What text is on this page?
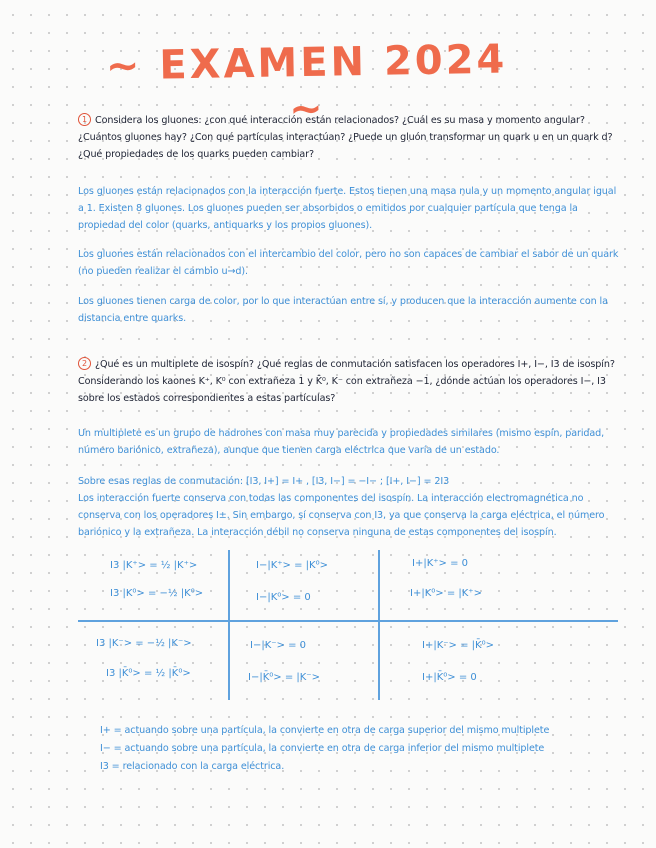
~ EXAMEN 2024 ~
1 Considera los gluones: ¿con qué interacción están relacionados? ¿Cuál es su masa y momento angular? ¿Cuántos gluones hay? ¿Con qué partículas interactúan? ¿Puede un gluón transformar un quark u en un quark d? ¿Qué propiedades de los quarks pueden cambiar?
Los gluones están relacionados con la interacción fuerte. Estos tienen una masa nula y un momento angular igual a 1. Existen 8 gluones. Los gluones pueden ser absorbidos o emitidos por cualquier partícula que tenga la propiedad del color (quarks, antiquarks y los propios gluones).
Los gluones están relacionados con el intercambio del color, pero no son capaces de cambiar el sabor de un quark (no pueden realizar el cambio u→d).
Los gluones tienen carga de color, por lo que interactúan entre sí, y producen que la interacción aumente con la distancia entre quarks.
2 ¿Qué es un multiplete de isospín? ¿Qué reglas de conmutación satisfacen los operadores I+, I−, I3 de isospín? Considerando los kaones K⁺, K⁰ con extrañeza 1 y K̄⁰, K⁻ con extrañeza −1, ¿dónde actúan los operadores I−, I3 sobre los estados correspondientes a estas partículas?
Un multiplete es un grupo de hadrones con masa muy parecida y propiedades similares (mismo espín, paridad, número bariónico, extrañeza), aunque que tienen carga eléctrica que varía de un estado.
Sobre esas reglas de conmutación: [I3, I+] = I+ , [I3, I−] = −I− ; [I+, I−] = 2I3
Los interacción fuerte conserva con todas las componentes del isospín. La interacción electromagnética no conserva con los operadores I±. Sin embargo, sí conserva con I3, ya que conserva la carga eléctrica, el número bariónico y la extrañeza. La interacción débil no conserva ninguna de estas componentes del isospín.
I3 |K⁺> = ½ |K⁺>	I−|K⁺> = |K⁰>	I+|K⁺> = 0
I3 |K⁰> = −½ |K⁰>	I−|K⁰> = 0	I+|K⁰> = |K⁺>
I3 |K⁻> = −½ |K⁻>	I−|K⁻> = 0	I+|K⁻> = |K̄⁰>
I3 |K̄⁰> = ½ |K̄⁰>	I−|K̄⁰> = |K⁻>	I+|K̄⁰> = 0
I+ = actuando sobre una partícula, la convierte en otra de carga superior del mismo multiplete
I− = actuando sobre una partícula, la convierte en otra de carga inferior del mismo multiplete
I3 = relacionado con la carga eléctrica.
